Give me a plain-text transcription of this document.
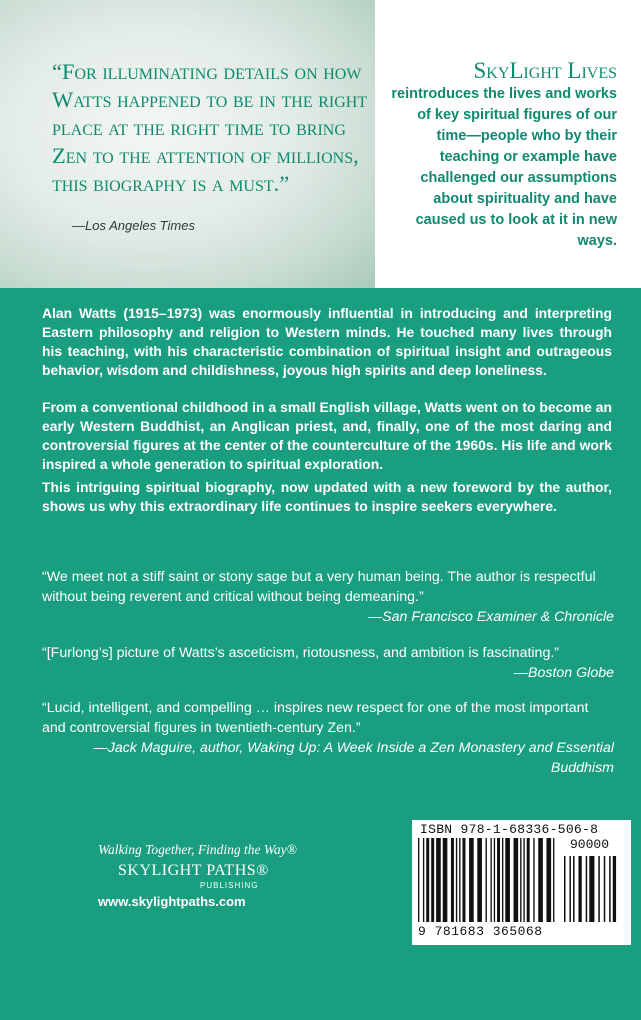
“For illuminating details on how Watts happened to be in the right place at the right time to bring Zen to the attention of millions, this biography is a must.”

—Los Angeles Times
SkyLight Lives

reintroduces the lives and works of key spiritual figures of our time—people who by their teaching or example have challenged our assumptions about spirituality and have caused us to look at it in new ways.

Alan Watts (1915–1973) was enormously influential in introducing and interpreting Eastern philosophy and religion to Western minds. He touched many lives through his teaching, with his characteristic combination of spiritual insight and outrageous behavior, wisdom and childishness, joyous high spirits and deep loneliness.

From a conventional childhood in a small English village, Watts went on to become an early Western Buddhist, an Anglican priest, and, finally, one of the most daring and controversial figures at the center of the counterculture of the 1960s. His life and work inspired a whole generation to spiritual exploration.

This intriguing spiritual biography, now updated with a new foreword by the author, shows us why this extraordinary life continues to inspire seekers everywhere.

“We meet not a stiff saint or stony sage but a very human being. The author is respectful without being reverent and critical without being demeaning.”
—San Francisco Examiner & Chronicle

“[Furlong’s] picture of Watts’s asceticism, riotousness, and ambition is fascinating.”
—Boston Globe

“Lucid, intelligent, and compelling … inspires new respect for one of the most important and controversial figures in twentieth-century Zen.”
—Jack Maguire, author, Waking Up: A Week Inside a Zen Monastery and Essential Buddhism

Walking Together, Finding the Way®
SKYLIGHT PATHS®
PUBLISHING
www.skylightpaths.com
ISBN 978-1-68336-506-8
90000
9 781683 365068
